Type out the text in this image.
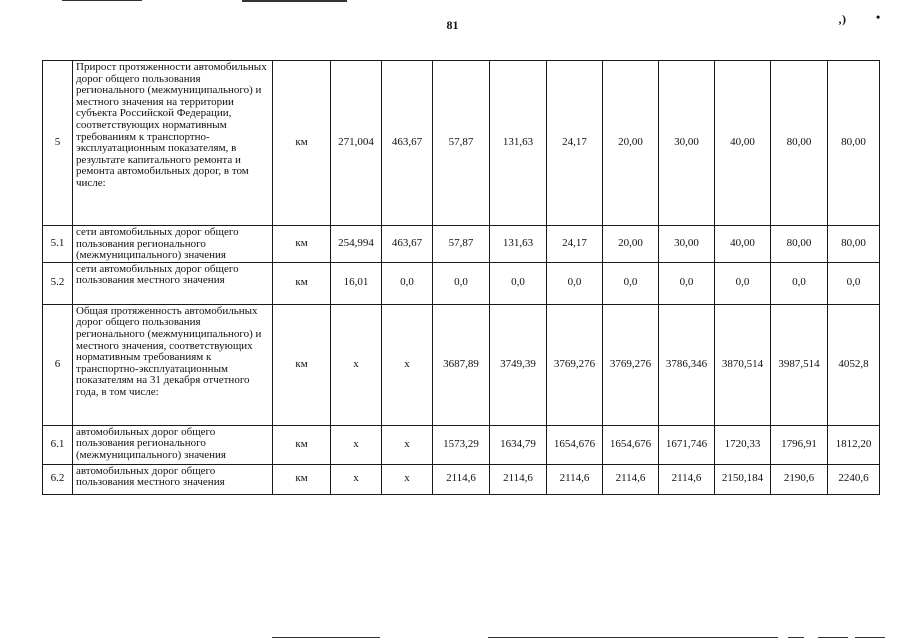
81	‚)	•
5	Прирост протяженности автомобильных дорог общего пользования регионального (межмуниципального) и местного значения на территории субъекта Российской Федерации, соответствующих нормативным требованиям к транспортно-эксплуатационным показателям, в результате капитального ремонта и ремонта автомобильных дорог, в том числе:	км	271,004	463,67	57,87	131,63	24,17	20,00	30,00	40,00	80,00	80,00
5.1	сети автомобильных дорог общего пользования регионального (межмуниципального) значения	км	254,994	463,67	57,87	131,63	24,17	20,00	30,00	40,00	80,00	80,00
5.2	сети автомобильных дорог общего пользования местного значения	км	16,01	0,0	0,0	0,0	0,0	0,0	0,0	0,0	0,0	0,0
6	Общая протяженность автомобильных дорог общего пользования регионального (межмуниципального) и местного значения, соответствующих нормативным требованиям к транспортно-эксплуатационным показателям на 31 декабря отчетного года, в том числе:	км	х	х	3687,89	3749,39	3769,276	3769,276	3786,346	3870,514	3987,514	4052,8
6.1	автомобильных дорог общего пользования регионального (межмуниципального) значения	км	х	х	1573,29	1634,79	1654,676	1654,676	1671,746	1720,33	1796,91	1812,20
6.2	автомобильных дорог общего пользования местного значения	км	х	х	2114,6	2114,6	2114,6	2114,6	2114,6	2150,184	2190,6	2240,6
